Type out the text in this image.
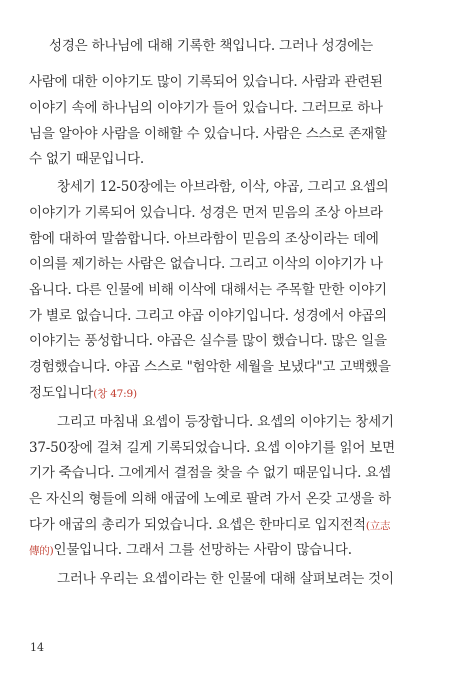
성경은 하나님에 대해 기록한 책입니다. 그러나 성경에는
사람에 대한 이야기도 많이 기록되어 있습니다. 사람과 관련된
이야기 속에 하나님의 이야기가 들어 있습니다. 그러므로 하나
님을 알아야 사람을 이해할 수 있습니다. 사람은 스스로 존재할
수 없기 때문입니다.
창세기 12-50장에는 아브라함, 이삭, 야곱, 그리고 요셉의
이야기가 기록되어 있습니다. 성경은 먼저 믿음의 조상 아브라
함에 대하여 말씀합니다. 아브라함이 믿음의 조상이라는 데에
이의를 제기하는 사람은 없습니다. 그리고 이삭의 이야기가 나
옵니다. 다른 인물에 비해 이삭에 대해서는 주목할 만한 이야기
가 별로 없습니다. 그리고 야곱 이야기입니다. 성경에서 야곱의
이야기는 풍성합니다. 야곱은 실수를 많이 했습니다. 많은 일을
경험했습니다. 야곱 스스로 "험악한 세월을 보냈다"고 고백했을
정도입니다(창 47:9)
그리고 마침내 요셉이 등장합니다. 요셉의 이야기는 창세기
37-50장에 걸쳐 길게 기록되었습니다. 요셉 이야기를 읽어 보면
기가 죽습니다. 그에게서 결점을 찾을 수 없기 때문입니다. 요셉
은 자신의 형들에 의해 애굽에 노예로 팔려 가서 온갖 고생을 하
다가 애굽의 총리가 되었습니다. 요셉은 한마디로 입지전적(立志
傳的)인물입니다. 그래서 그를 선망하는 사람이 많습니다.
그러나 우리는 요셉이라는 한 인물에 대해 살펴보려는 것이
14
